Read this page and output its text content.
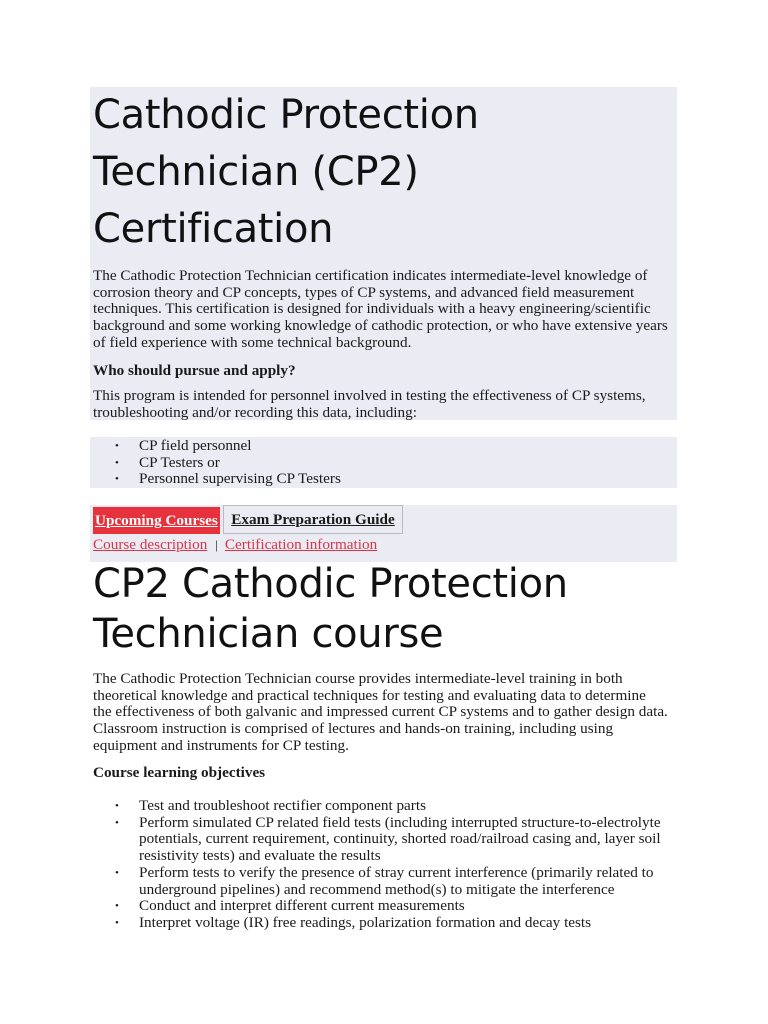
Cathodic Protection
Technician (CP2)
Certification

The Cathodic Protection Technician certification indicates intermediate-level knowledge of corrosion theory and CP concepts, types of CP systems, and advanced field measurement techniques. This certification is designed for individuals with a heavy engineering/scientific background and some working knowledge of cathodic protection, or who have extensive years of field experience with some technical background.

Who should pursue and apply?

This program is intended for personnel involved in testing the effectiveness of CP systems, troubleshooting and/or recording this data, including:

• CP field personnel
• CP Testers or
• Personnel supervising CP Testers
Upcoming Courses Exam Preparation Guide
Course description | Certification information
CP2 Cathodic Protection
Technician course

The Cathodic Protection Technician course provides intermediate-level training in both theoretical knowledge and practical techniques for testing and evaluating data to determine the effectiveness of both galvanic and impressed current CP systems and to gather design data. Classroom instruction is comprised of lectures and hands-on training, including using equipment and instruments for CP testing.

Course learning objectives

• Test and troubleshoot rectifier component parts
• Perform simulated CP related field tests (including interrupted structure-to-electrolyte potentials, current requirement, continuity, shorted road/railroad casing and, layer soil resistivity tests) and evaluate the results
• Perform tests to verify the presence of stray current interference (primarily related to underground pipelines) and recommend method(s) to mitigate the interference
• Conduct and interpret different current measurements
• Interpret voltage (IR) free readings, polarization formation and decay tests
